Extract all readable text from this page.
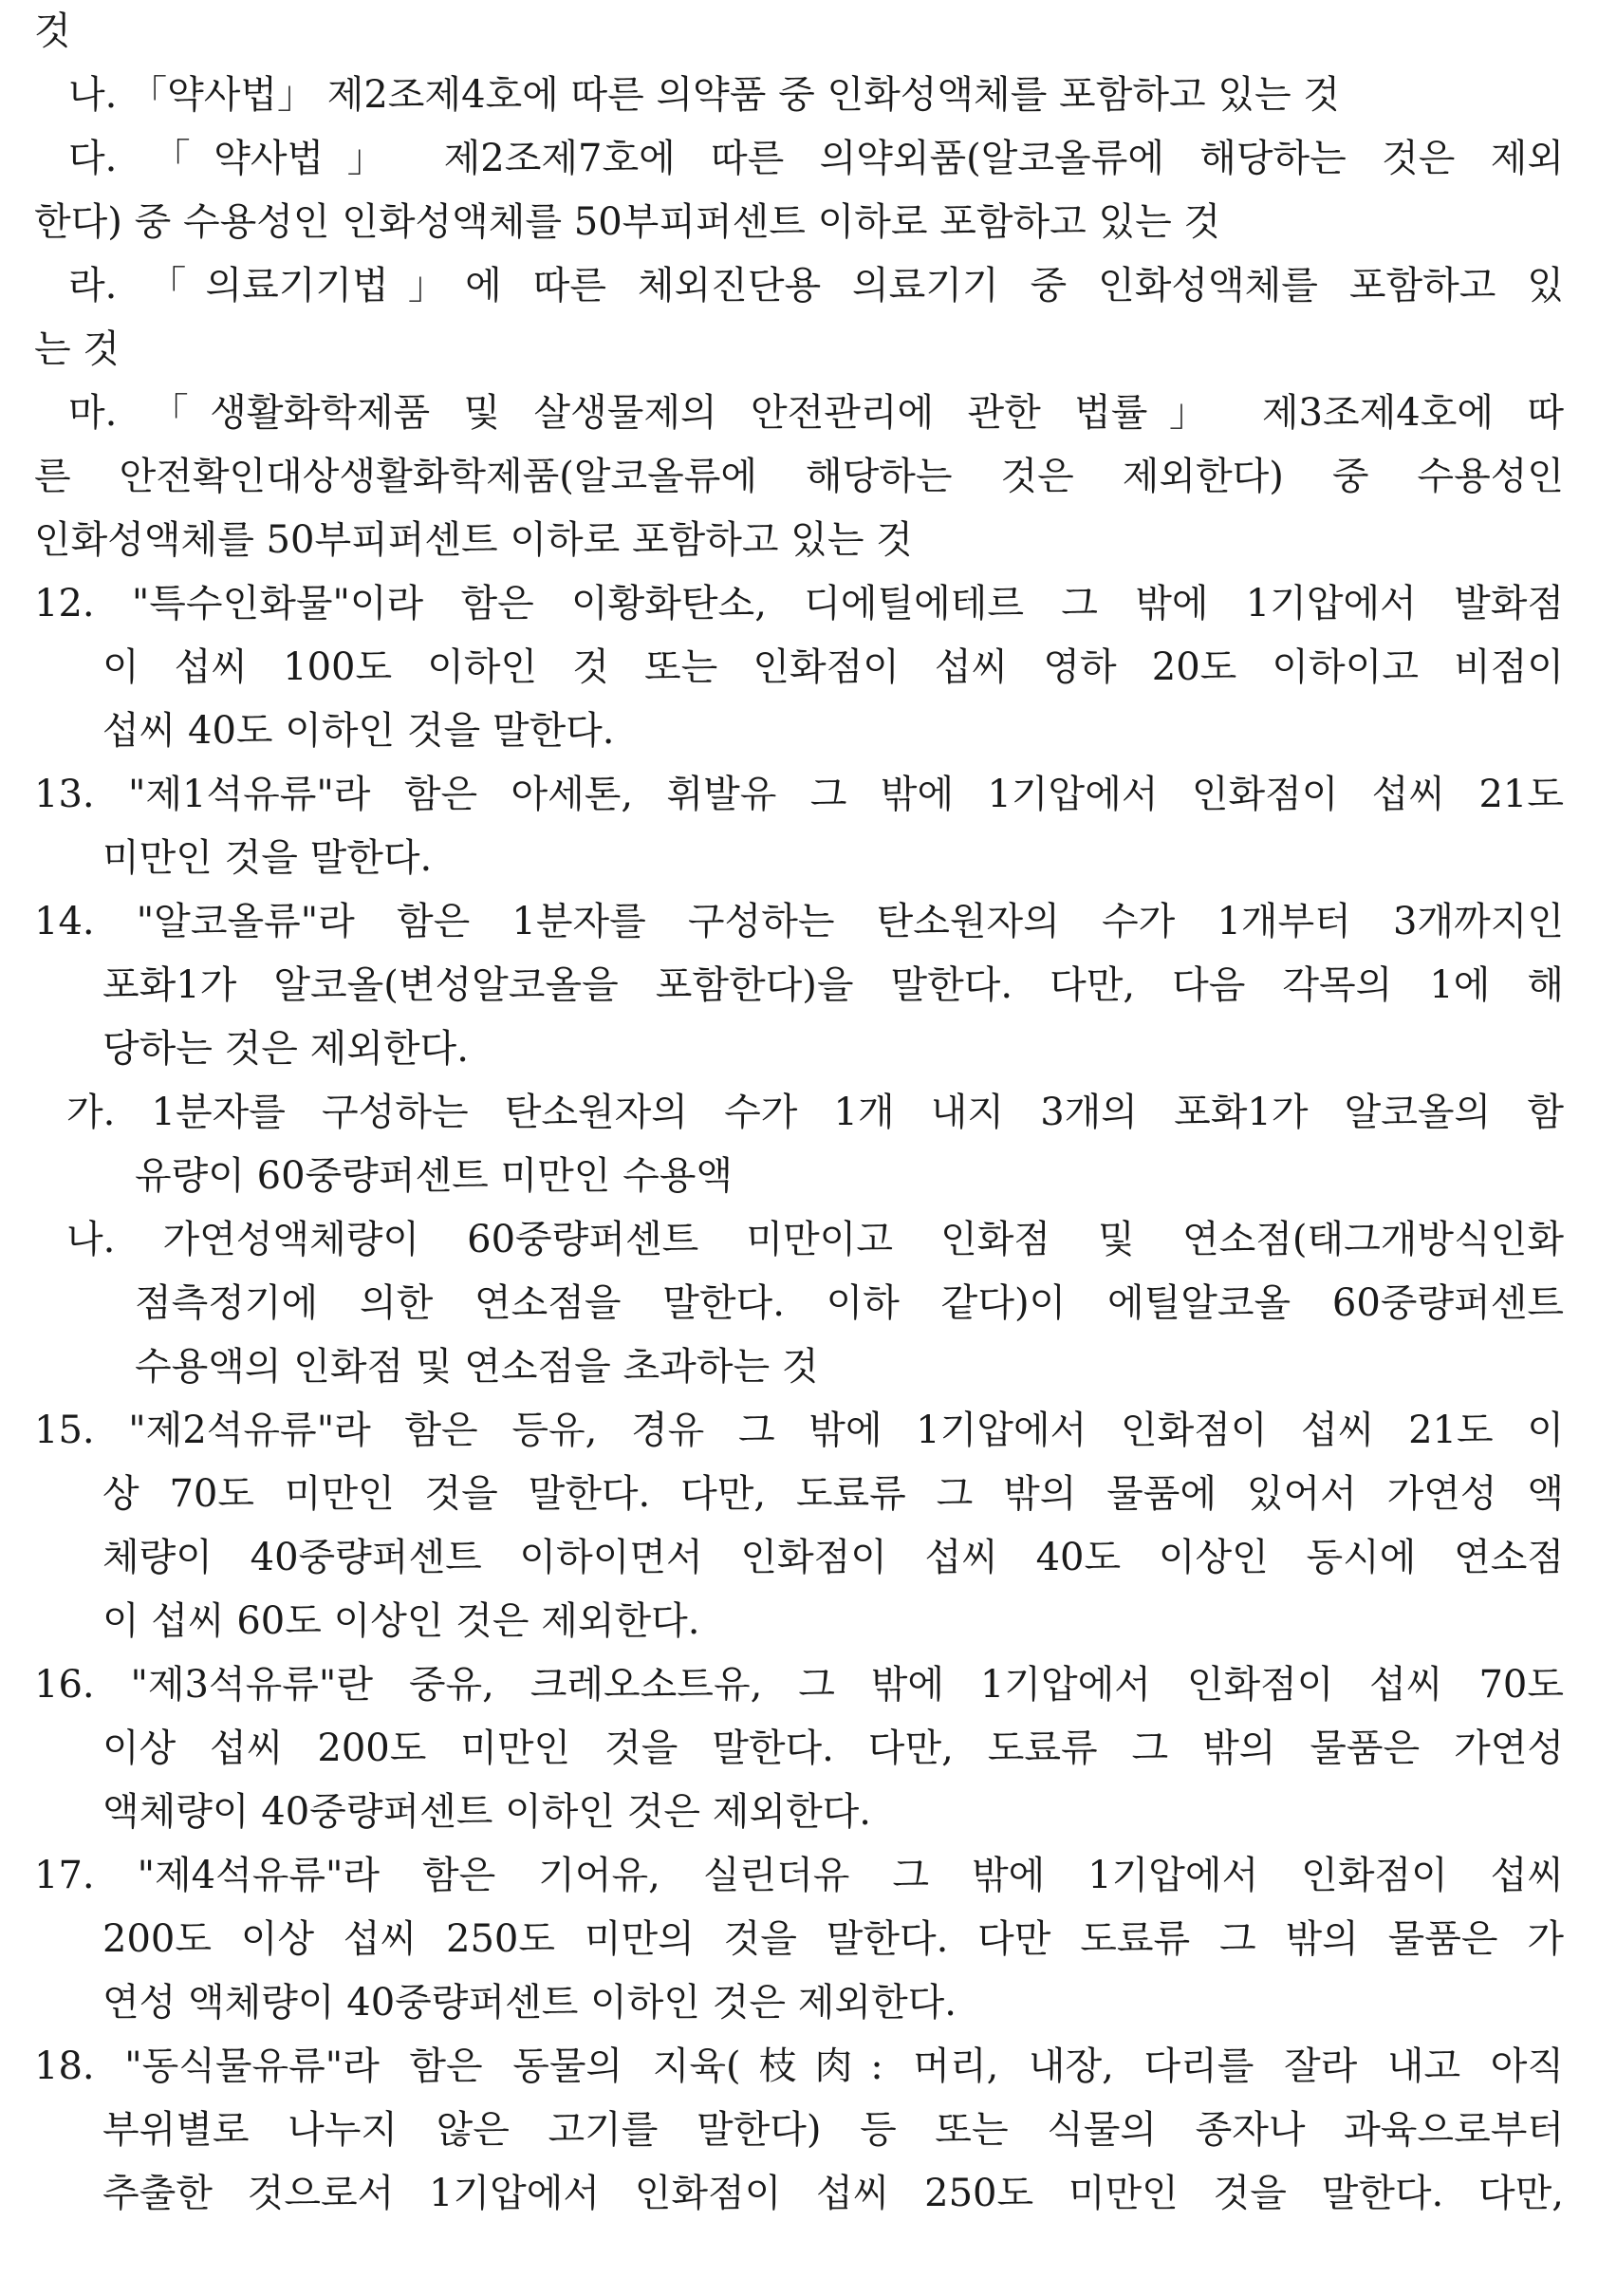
것
나. 「약사법」 제2조제4호에 따른 의약품 중 인화성액체를 포함하고 있는 것
다. 「약사법」 제2조제7호에 따른 의약외품(알코올류에 해당하는 것은 제외
한다) 중 수용성인 인화성액체를 50부피퍼센트 이하로 포함하고 있는 것
라. 「의료기기법」에 따른 체외진단용 의료기기 중 인화성액체를 포함하고 있
는 것
마. 「생활화학제품 및 살생물제의 안전관리에 관한 법률」 제3조제4호에 따
른 안전확인대상생활화학제품(알코올류에 해당하는 것은 제외한다) 중 수용성인
인화성액체를 50부피퍼센트 이하로 포함하고 있는 것
12. "특수인화물"이라 함은 이황화탄소, 디에틸에테르 그 밖에 1기압에서 발화점
이 섭씨 100도 이하인 것 또는 인화점이 섭씨 영하 20도 이하이고 비점이
섭씨 40도 이하인 것을 말한다.
13. "제1석유류"라 함은 아세톤, 휘발유 그 밖에 1기압에서 인화점이 섭씨 21도
미만인 것을 말한다.
14. "알코올류"라 함은 1분자를 구성하는 탄소원자의 수가 1개부터 3개까지인
포화1가 알코올(변성알코올을 포함한다)을 말한다. 다만, 다음 각목의 1에 해
당하는 것은 제외한다.
가. 1분자를 구성하는 탄소원자의 수가 1개 내지 3개의 포화1가 알코올의 함
유량이 60중량퍼센트 미만인 수용액
나. 가연성액체량이 60중량퍼센트 미만이고 인화점 및 연소점(태그개방식인화
점측정기에 의한 연소점을 말한다. 이하 같다)이 에틸알코올 60중량퍼센트
수용액의 인화점 및 연소점을 초과하는 것
15. "제2석유류"라 함은 등유, 경유 그 밖에 1기압에서 인화점이 섭씨 21도 이
상 70도 미만인 것을 말한다. 다만, 도료류 그 밖의 물품에 있어서 가연성 액
체량이 40중량퍼센트 이하이면서 인화점이 섭씨 40도 이상인 동시에 연소점
이 섭씨 60도 이상인 것은 제외한다.
16. "제3석유류"란 중유, 크레오소트유, 그 밖에 1기압에서 인화점이 섭씨 70도
이상 섭씨 200도 미만인 것을 말한다. 다만, 도료류 그 밖의 물품은 가연성
액체량이 40중량퍼센트 이하인 것은 제외한다.
17. "제4석유류"라 함은 기어유, 실린더유 그 밖에 1기압에서 인화점이 섭씨
200도 이상 섭씨 250도 미만의 것을 말한다. 다만 도료류 그 밖의 물품은 가
연성 액체량이 40중량퍼센트 이하인 것은 제외한다.
18. "동식물유류"라 함은 동물의 지육(枝肉: 머리, 내장, 다리를 잘라 내고 아직
부위별로 나누지 않은 고기를 말한다) 등 또는 식물의 종자나 과육으로부터
추출한 것으로서 1기압에서 인화점이 섭씨 250도 미만인 것을 말한다. 다만,
